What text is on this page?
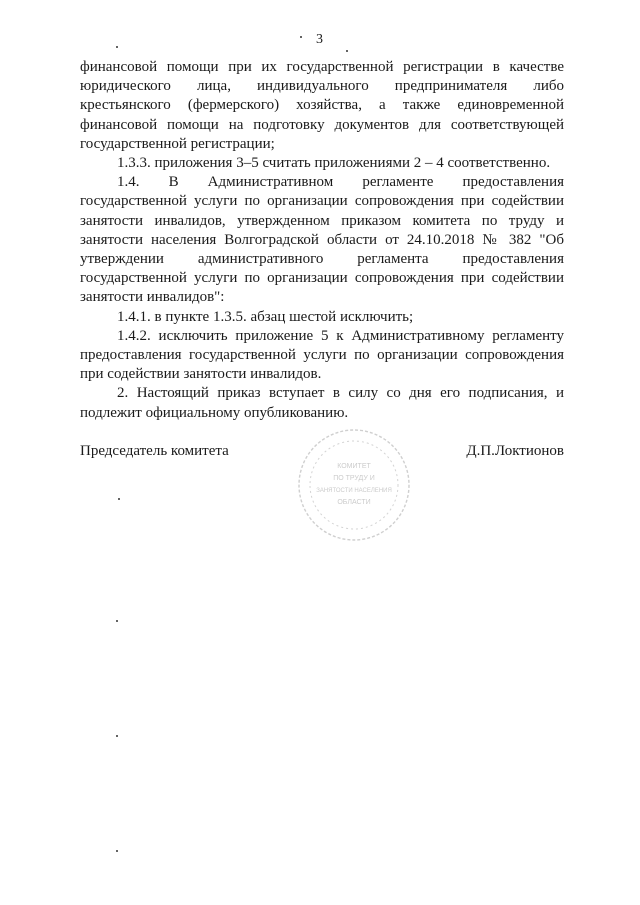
3

финансовой помощи при их государственной регистрации в качестве юридического лица, индивидуального предпринимателя либо крестьянского (фермерского) хозяйства, а также единовременной финансовой помощи на подготовку документов для соответствующей государственной регистрации;

1.3.3. приложения 3–5 считать приложениями 2 – 4 соответственно.

1.4. В Административном регламенте предоставления государственной услуги по организации сопровождения при содействии занятости инвалидов, утвержденном приказом комитета по труду и занятости населения Волгоградской области от 24.10.2018 № 382 "Об утверждении административного регламента предоставления государственной услуги по организации сопровождения при содействии занятости инвалидов":

1.4.1. в пункте 1.3.5. абзац шестой исключить;

1.4.2. исключить приложение 5 к Административному регламенту предоставления государственной услуги по организации сопровождения при содействии занятости инвалидов.

2. Настоящий приказ вступает в силу со дня его подписания, и подлежит официальному опубликованию.

Председатель комитета	Д.П.Локтионов
КОМИТЕТ
ПО ТРУДУ И
ЗАНЯТОСТИ НАСЕЛЕНИЯ
ОБЛАСТИ
